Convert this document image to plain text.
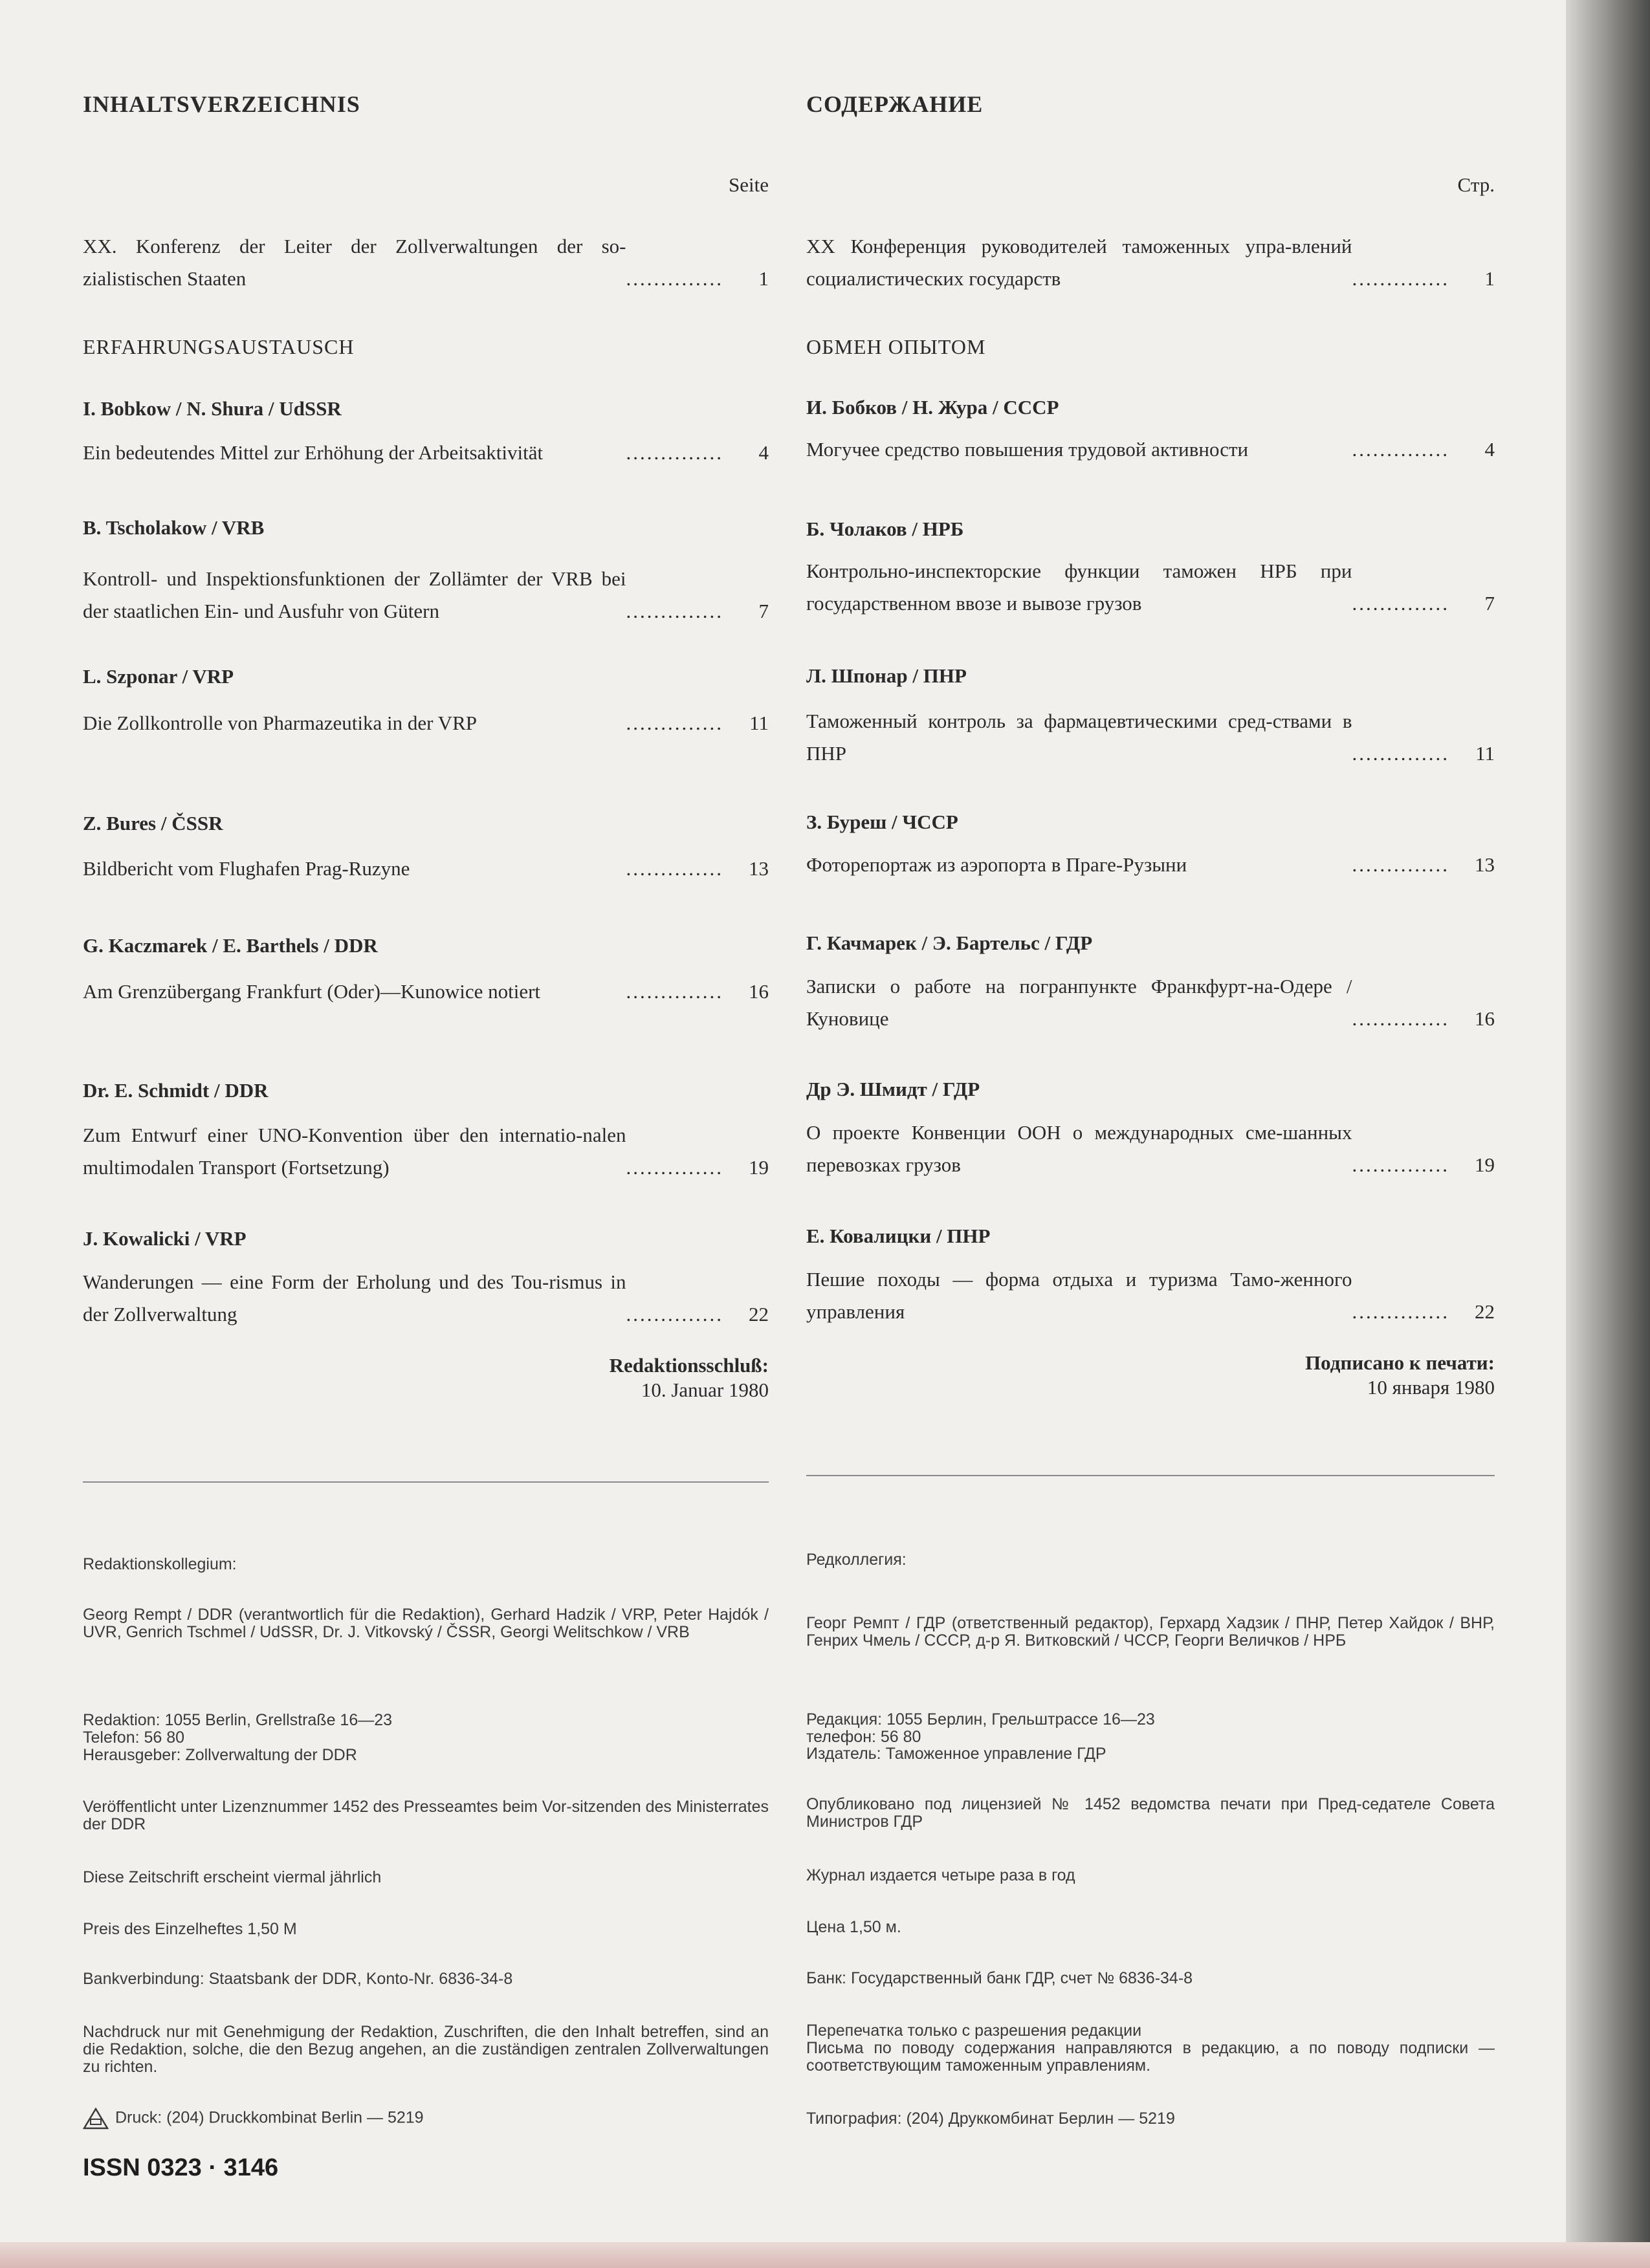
INHALTSVERZEICHNIS
Seite
XX. Konferenz der Leiter der Zollverwaltungen der so-zialistischen Staaten	..............	1
ERFAHRUNGSAUSTAUSCH
I. Bobkow / N. Shura / UdSSR
Ein bedeutendes Mittel zur Erhöhung der Arbeitsaktivität	..............	4
B. Tscholakow / VRB
Kontroll- und Inspektionsfunktionen der Zollämter der VRB bei der staatlichen Ein- und Ausfuhr von Gütern	..............	7
L. Szponar / VRP
Die Zollkontrolle von Pharmazeutika in der VRP	..............	11
Z. Bures / ČSSR
Bildbericht vom Flughafen Prag-Ruzyne	..............	13
G. Kaczmarek / E. Barthels / DDR
Am Grenzübergang Frankfurt (Oder)—Kunowice notiert	..............	16
Dr. E. Schmidt / DDR
Zum Entwurf einer UNO-Konvention über den internatio-nalen multimodalen Transport (Fortsetzung)	..............	19
J. Kowalicki / VRP
Wanderungen — eine Form der Erholung und des Tou-rismus in der Zollverwaltung	..............	22
Redaktionsschluß:
10. Januar 1980
СОДЕРЖАНИЕ
Стр.
XX Конференция руководителей таможенных упра-влений социалистических государств	..............	1
ОБМЕН ОПЫТОМ
И. Бобков / Н. Жура / СССР
Могучее средство повышения трудовой активности	..............	4
Б. Чолаков / НРБ
Контрольно-инспекторские функции таможен НРБ при государственном ввозе и вывозе грузов	..............	7
Л. Шпонар / ПНР
Таможенный контроль за фармацевтическими сред-ствами в ПНР	..............	11
З. Буреш / ЧССР
Фоторепортаж из аэропорта в Праге-Рузыни	..............	13
Г. Качмарек / Э. Бартельс / ГДР
Записки о работе на погранпункте Франкфурт-на-Одере / Куновице	..............	16
Др Э. Шмидт / ГДР
О проекте Конвенции ООН о международных сме-шанных перевозках грузов	..............	19
Е. Ковалицки / ПНР
Пешие походы — форма отдыха и туризма Тамо-женного управления	..............	22
Подписано к печати:
10 января 1980
Redaktionskollegium:
Georg Rempt / DDR (verantwortlich für die Redaktion), Gerhard Hadzik / VRP, Peter Hajdók / UVR, Genrich Tschmel / UdSSR, Dr. J. Vitkovský / ČSSR, Georgi Welitschkow / VRB
Redaktion: 1055 Berlin, Grellstraße 16—23
Telefon: 56 80
Herausgeber: Zollverwaltung der DDR
Veröffentlicht unter Lizenznummer 1452 des Presseamtes beim Vor-sitzenden des Ministerrates der DDR
Diese Zeitschrift erscheint viermal jährlich
Preis des Einzelheftes 1,50 M
Bankverbindung: Staatsbank der DDR, Konto-Nr. 6836-34-8
Nachdruck nur mit Genehmigung der Redaktion, Zuschriften, die den Inhalt betreffen, sind an die Redaktion, solche, die den Bezug angehen, an die zuständigen zentralen Zollverwaltungen zu richten.
Druck: (204) Druckkombinat Berlin — 5219
ISSN 0323 · 3146
Редколлегия:
Георг Ремпт / ГДР (ответственный редактор), Герхард Хадзик / ПНР, Петер Хайдок / ВНР, Генрих Чмель / СССР, д-р Я. Витковский / ЧССР, Георги Величков / НРБ
Редакция: 1055 Берлин, Грельштрассе 16—23
телефон: 56 80
Издатель: Таможенное управление ГДР
Опубликовано под лицензией № 1452 ведомства печати при Пред-седателе Совета Министров ГДР
Журнал издается четыре раза в год
Цена 1,50 м.
Банк: Государственный банк ГДР, счет № 6836-34-8
Перепечатка только с разрешения редакции
Письма по поводу содержания направляются в редакцию, а по поводу подписки — соответствующим таможенным управлениям.
Типография: (204) Друккомбинат Берлин — 5219
